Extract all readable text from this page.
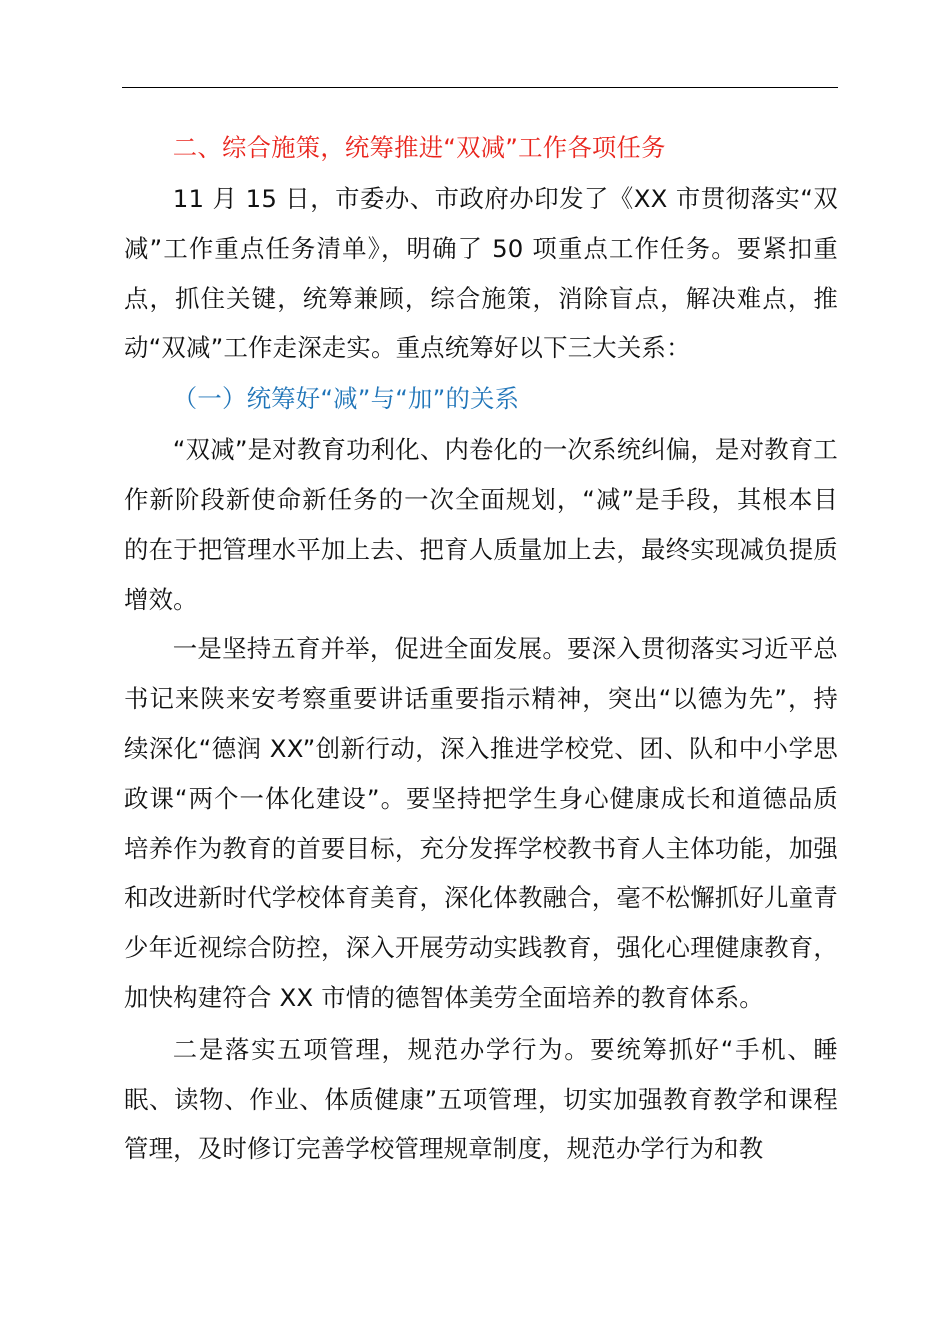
二、综合施策，统筹推进“双减”工作各项任务

11 月 15 日，市委办、市政府办印发了《XX 市贯彻落实“双减”工作重点任务清单》，明确了 50 项重点工作任务。要紧扣重点，抓住关键，统筹兼顾，综合施策，消除盲点，解决难点，推动“双减”工作走深走实。重点统筹好以下三大关系：

（一）统筹好“减”与“加”的关系

“双减”是对教育功利化、内卷化的一次系统纠偏，是对教育工作新阶段新使命新任务的一次全面规划，“减”是手段，其根本目的在于把管理水平加上去、把育人质量加上去，最终实现减负提质增效。

一是坚持五育并举，促进全面发展。要深入贯彻落实习近平总书记来陕来安考察重要讲话重要指示精神，突出“以德为先”，持续深化“德润 XX”创新行动，深入推进学校党、团、队和中小学思政课“两个一体化建设”。要坚持把学生身心健康成长和道德品质培养作为教育的首要目标，充分发挥学校教书育人主体功能，加强和改进新时代学校体育美育，深化体教融合，毫不松懈抓好儿童青少年近视综合防控，深入开展劳动实践教育，强化心理健康教育，加快构建符合 XX 市情的德智体美劳全面培养的教育体系。

二是落实五项管理，规范办学行为。要统筹抓好“手机、睡眠、读物、作业、体质健康”五项管理，切实加强教育教学和课程管理，及时修订完善学校管理规章制度，规范办学行为和教
